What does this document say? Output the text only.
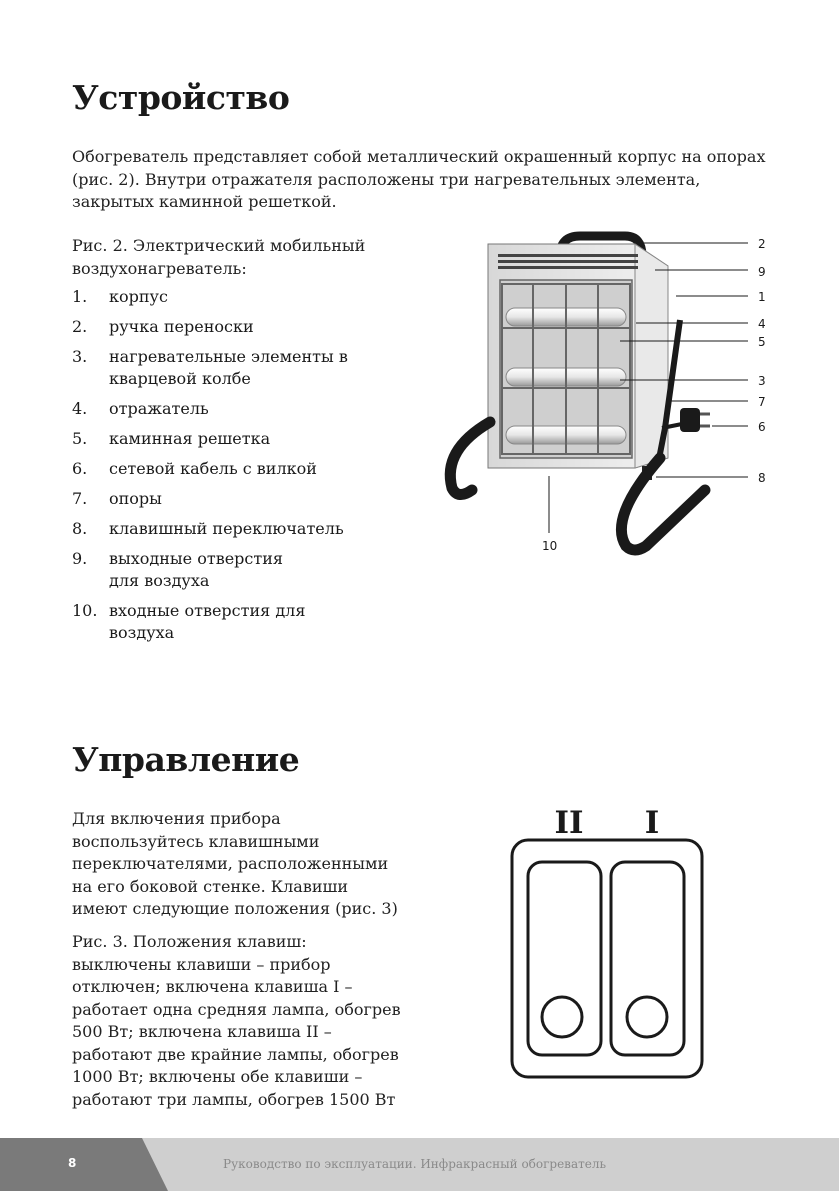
Устройство

Обогреватель представляет собой металлический окрашенный корпус на опорах (рис. 2). Внутри отражателя расположены три нагревательных элемента, закрытых каминной решеткой.

Рис. 2. Электрический мобильный воздухонагреватель:

1. корпус
2. ручка переноски
3. нагревательные элементы в кварцевой колбе
4. отражатель
5. каминная решетка
6. сетевой кабель с вилкой
7. опоры
8. клавишный переключатель
9. выходные отверстия для воздуха
10. входные отверстия для воздуха
2
9
1
4
5
3
7
6
8
10
Управление

Для включения прибора воспользуйтесь клавишными переключателями, расположенными на его боковой стенке. Клавиши имеют следующие положения (рис. 3)

Рис. 3. Положения клавиш: выключены клавиши – прибор отключен; включена клавиша I – работает одна средняя лампа, обогрев 500 Вт; включена клавиша II – работают две крайние лампы, обогрев 1000 Вт; включены обе клавиши – работают три лампы, обогрев 1500 Вт

II I
8	Руководство по эксплуатации. Инфракрасный обогреватель
